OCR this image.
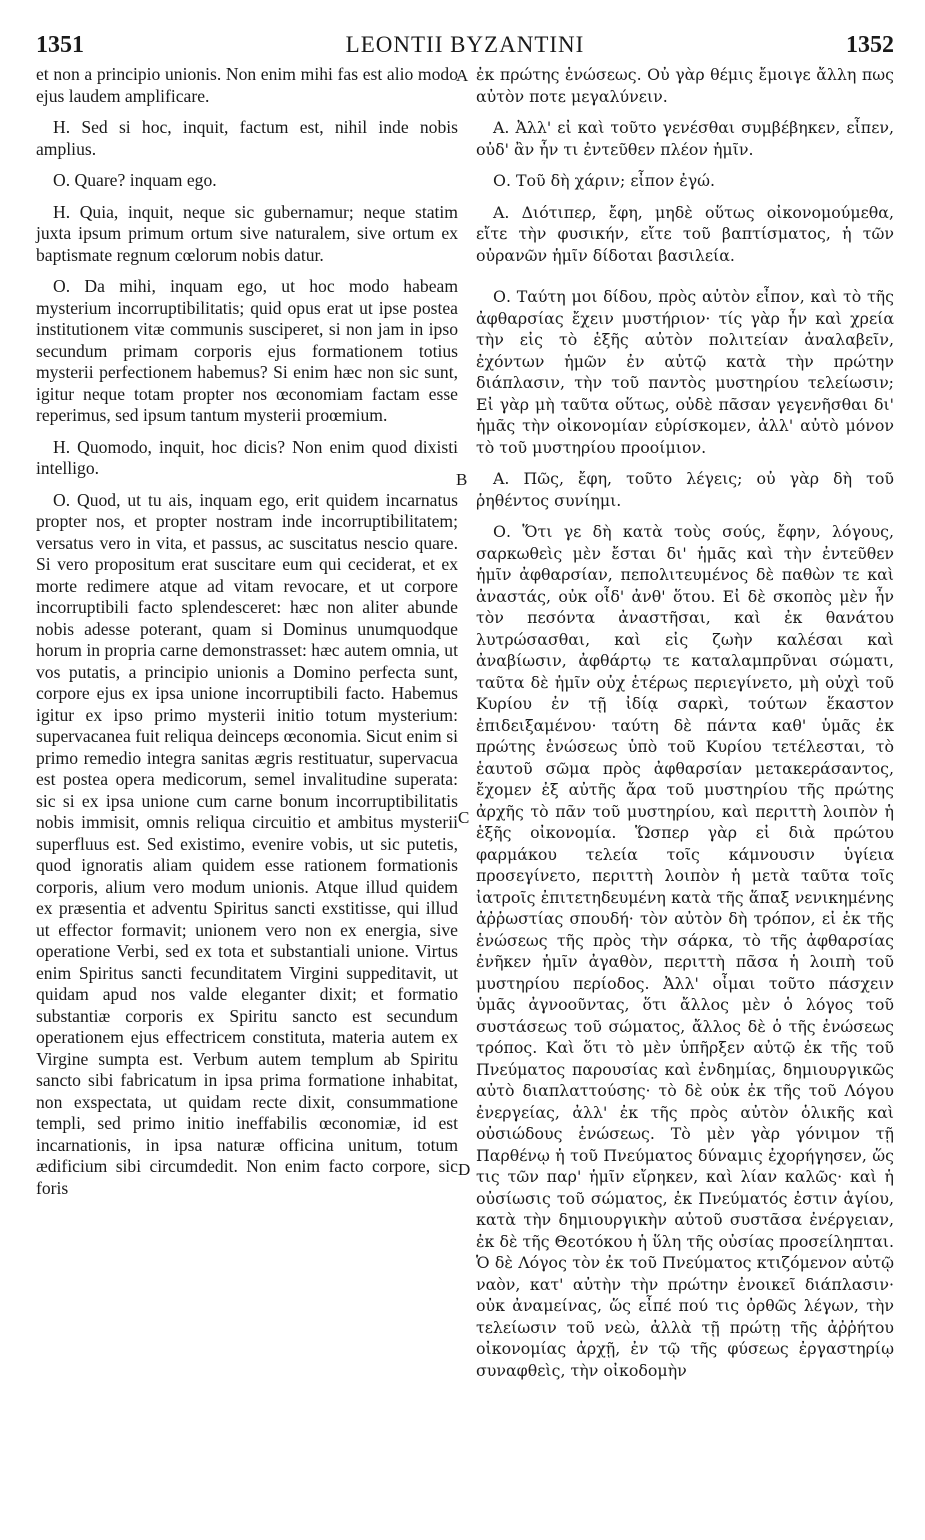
1351	LEONTII BYZANTINI	1352

et non a principio unionis. Non enim mihi fas est alio modo ejus laudem amplificare.

H. Sed si hoc, inquit, factum est, nihil inde nobis amplius.

O. Quare? inquam ego.

H. Quia, inquit, neque sic gubernamur; neque statim juxta ipsum primum ortum sive naturalem, sive ortum ex baptismate regnum cœlorum nobis datur.

O. Da mihi, inquam ego, ut hoc modo habeam mysterium incorruptibilitatis; quid opus erat ut ipse postea institutionem vitæ communis susciperet, si non jam in ipso secundum primam corporis ejus formationem totius mysterii perfectionem habemus? Si enim hæc non sic sunt, igitur neque totam propter nos œconomiam factam esse reperimus, sed ipsum tantum mysterii proœmium.

H. Quomodo, inquit, hoc dicis? Non enim quod dixisti intelligo.

O. Quod, ut tu ais, inquam ego, erit quidem incarnatus propter nos, et propter nostram inde incorruptibilitatem; versatus vero in vita, et passus, ac suscitatus nescio quare. Si vero propositum erat suscitare eum qui ceciderat, et ex morte redimere atque ad vitam revocare, et ut corpore incorruptibili facto splendesceret: hæc non aliter abunde nobis adesse poterant, quam si Dominus unumquodque horum in propria carne demonstrasset: hæc autem omnia, ut vos putatis, a principio unionis a Domino perfecta sunt, corpore ejus ex ipsa unione incorruptibili facto. Habemus igitur ex ipso primo mysterii initio totum mysterium: supervacanea fuit reliqua deinceps œconomia. Sicut enim si primo remedio integra sanitas ægris restituatur, supervacua est postea opera medicorum, semel invalitudine superata: sic si ex ipsa unione cum carne bonum incorruptibilitatis nobis immisit, omnis reliqua circuitio et ambitus mysterii superfluus est. Sed existimo, evenire vobis, ut sic putetis, quod ignoratis aliam quidem esse rationem formationis corporis, alium vero modum unionis. Atque illud quidem ex præsentia et adventu Spiritus sancti exstitisse, qui illud ut effector formavit; unionem vero non ex energia, sive operatione Verbi, sed ex tota et substantiali unione. Virtus enim Spiritus sancti fecunditatem Virgini suppeditavit, ut quidam apud nos valde eleganter dixit; et formatio substantiæ corporis ex Spiritu sancto est secundum operationem ejus effectricem constituta, materia autem ex Virgine sumpta est. Verbum autem templum ab Spiritu sancto sibi fabricatum in ipsa prima formatione inhabitat, non exspectata, ut quidam recte dixit, consummatione templi, sed primo initio ineffabilis œconomiæ, id est incarnationis, in ipsa naturæ officina unitum, totum ædificium sibi circumdedit. Non enim facto corpore, sic foris

ἐκ πρώτης ἑνώσεως. Οὐ γὰρ θέμις ἔμοιγε ἄλλη πως αὐτὸν ποτε μεγαλύνειν.

Α. Ἀλλ' εἰ καὶ τοῦτο γενέσθαι συμβέβηκεν, εἶπεν, οὐδ' ἂν ἦν τι ἐντεῦθεν πλέον ἡμῖν.

Ο. Τοῦ δὴ χάριν; εἶπον ἐγώ.

Α. Διότιπερ, ἔφη, μηδὲ οὕτως οἰκονομούμεθα, εἴτε τὴν φυσικήν, εἴτε τοῦ βαπτίσματος, ἡ τῶν οὐρανῶν ἡμῖν δίδοται βασιλεία.

Ο. Ταύτη μοι δίδου, πρὸς αὐτὸν εἶπον, καὶ τὸ τῆς ἀφθαρσίας ἔχειν μυστήριον· τίς γὰρ ἦν καὶ χρεία τὴν εἰς τὸ ἑξῆς αὐτὸν πολιτείαν ἀναλαβεῖν, ἐχόντων ἡμῶν ἐν αὐτῷ κατὰ τὴν πρώτην διάπλασιν, τὴν τοῦ παντὸς μυστηρίου τελείωσιν; Εἰ γὰρ μὴ ταῦτα οὕτως, οὐδὲ πᾶσαν γεγενῆσθαι δι' ἡμᾶς τὴν οἰκονομίαν εὑρίσκομεν, ἀλλ' αὐτὸ μόνον τὸ τοῦ μυστηρίου προοίμιον.

Α. Πῶς, ἔφη, τοῦτο λέγεις; οὐ γὰρ δὴ τοῦ ῥηθέντος συνίημι.

Ο. Ὅτι γε δὴ κατὰ τοὺς σούς, ἔφην, λόγους, σαρκωθεὶς μὲν ἔσται δι' ἡμᾶς καὶ τὴν ἐντεῦθεν ἡμῖν ἀφθαρσίαν, πεπολιτευμένος δὲ παθὼν τε καὶ ἀναστάς, οὐκ οἶδ' ἀνθ' ὅτου. Εἰ δὲ σκοπὸς μὲν ἦν τὸν πεσόντα ἀναστῆσαι, καὶ ἐκ θανάτου λυτρώσασθαι, καὶ εἰς ζωὴν καλέσαι καὶ ἀναβίωσιν, ἀφθάρτῳ τε καταλαμπρῦναι σώματι, ταῦτα δὲ ἡμῖν οὐχ ἑτέρως περιεγίνετο, μὴ οὐχὶ τοῦ Κυρίου ἐν τῇ ἰδίᾳ σαρκὶ, τούτων ἕκαστον ἐπιδειξαμένου· ταύτη δὲ πάντα καθ' ὑμᾶς ἐκ πρώτης ἑνώσεως ὑπὸ τοῦ Κυρίου τετέλεσται, τὸ ἑαυτοῦ σῶμα πρὸς ἀφθαρσίαν μετακεράσαντος, ἔχομεν ἐξ αὐτῆς ἄρα τοῦ μυστηρίου τῆς πρώτης ἀρχῆς τὸ πᾶν τοῦ μυστηρίου, καὶ περιττὴ λοιπὸν ἡ ἑξῆς οἰκονομία. Ὥσπερ γὰρ εἰ διὰ πρώτου φαρμάκου τελεία τοῖς κάμνουσιν ὑγίεια προσεγίνετο, περιττὴ λοιπὸν ἡ μετὰ ταῦτα τοῖς ἰατροῖς ἐπιτετηδευμένη κατὰ τῆς ἅπαξ νενικημένης ἀῤῥωστίας σπουδή· τὸν αὐτὸν δὴ τρόπον, εἰ ἐκ τῆς ἑνώσεως τῆς πρὸς τὴν σάρκα, τὸ τῆς ἀφθαρσίας ἐνῆκεν ἡμῖν ἀγαθὸν, περιττὴ πᾶσα ἡ λοιπὴ τοῦ μυστηρίου περίοδος. Ἀλλ' οἶμαι τοῦτο πάσχειν ὑμᾶς ἀγνοοῦντας, ὅτι ἄλλος μὲν ὁ λόγος τοῦ συστάσεως τοῦ σώματος, ἄλλος δὲ ὁ τῆς ἑνώσεως τρόπος. Καὶ ὅτι τὸ μὲν ὑπῆρξεν αὐτῷ ἐκ τῆς τοῦ Πνεύματος παρουσίας καὶ ἐνδημίας, δημιουργικῶς αὐτὸ διαπλαττούσης· τὸ δὲ οὐκ ἐκ τῆς τοῦ Λόγου ἐνεργείας, ἀλλ' ἐκ τῆς πρὸς αὐτὸν ὁλικῆς καὶ οὐσιώδους ἑνώσεως. Τὸ μὲν γὰρ γόνιμον τῇ Παρθένῳ ἡ τοῦ Πνεύματος δύναμις ἐχορήγησεν, ὥς τις τῶν παρ' ἡμῖν εἴρηκεν, καὶ λίαν καλῶς· καὶ ἡ οὐσίωσις τοῦ σώματος, ἐκ Πνεύματός ἐστιν ἁγίου, κατὰ τὴν δημιουργικὴν αὐτοῦ συστᾶσα ἐνέργειαν, ἐκ δὲ τῆς Θεοτόκου ἡ ὕλη τῆς οὐσίας προσείληπται. Ὁ δὲ Λόγος τὸν ἐκ τοῦ Πνεύματος κτιζόμενον αὐτῷ ναὸν, κατ' αὐτὴν τὴν πρώτην ἐνοικεῖ διάπλασιν· οὐκ ἀναμείνας, ὥς εἶπέ πού τις ὀρθῶς λέγων, τὴν τελείωσιν τοῦ νεὼ, ἀλλὰ τῇ πρώτῃ τῆς ἀῤῥήτου οἰκονομίας ἀρχῇ, ἐν τῷ τῆς φύσεως ἐργαστηρίῳ συναφθεὶς, τὴν οἰκοδομὴν

A
B
C
D
